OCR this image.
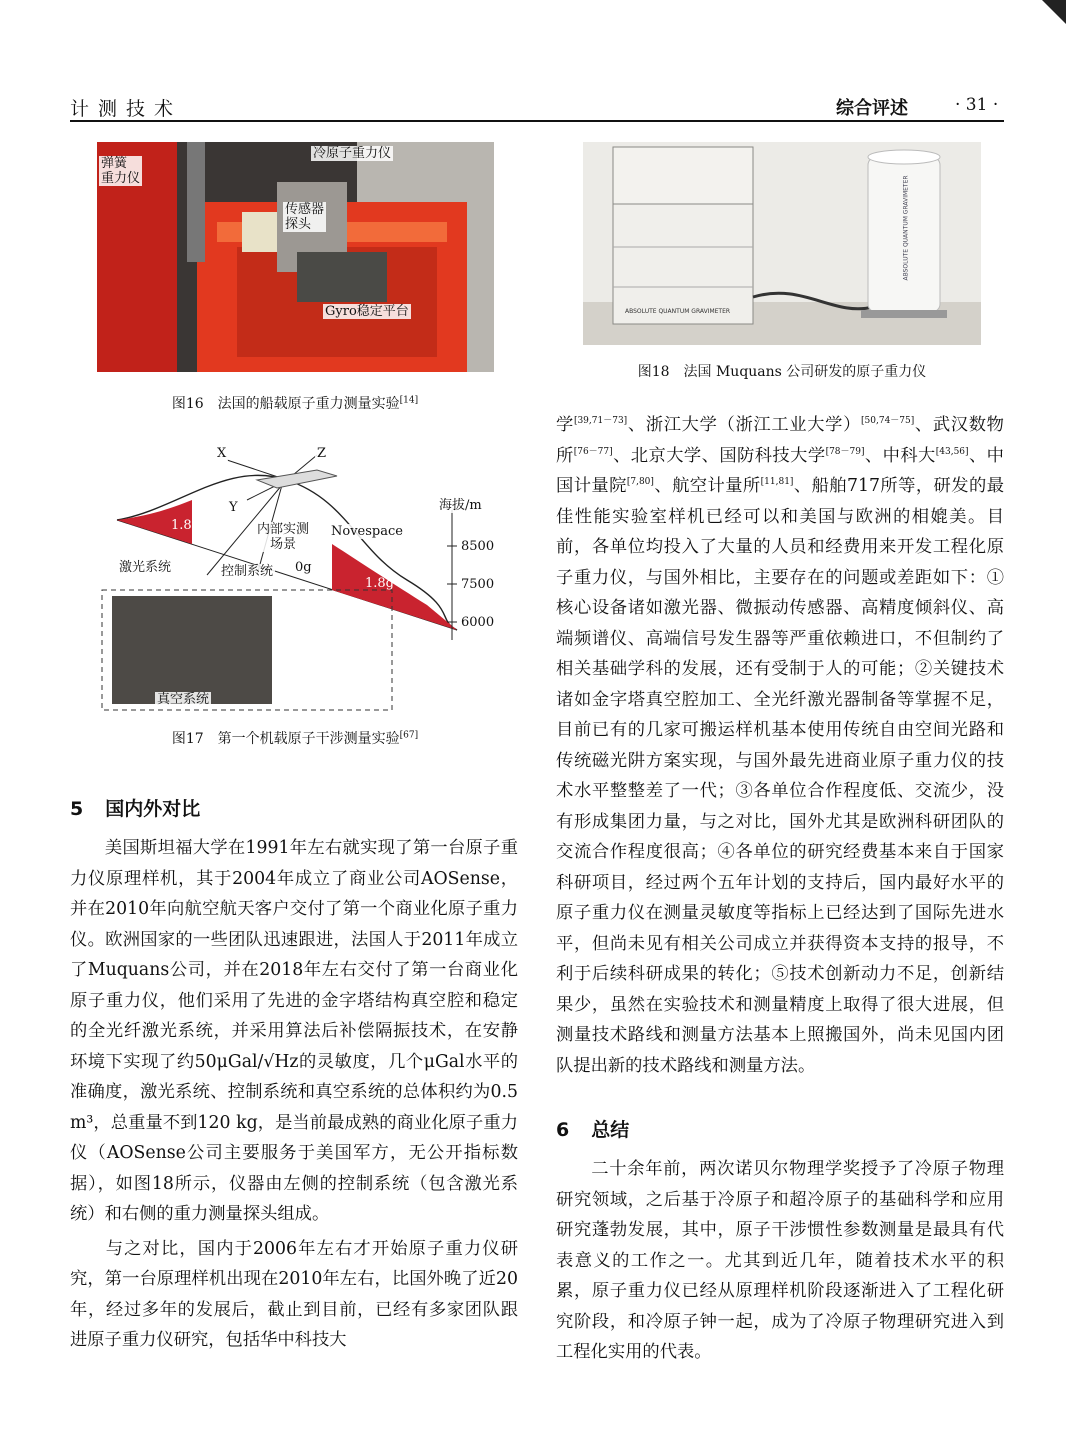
计测技术	综合评述	· 31 ·
弹簧
重力仪
冷原子重力仪
传感器
探头
Gyro稳定平台
图16　法国的船载原子重力测量实验[14]
X	Z
Y
内部实测
场景
Novespace
海拔/m
1.8g
0g
1.8g
8500
7500
6000
激光系统	控制系统
真空系统
图17　第一个机载原子干涉测量实验[67]
ABSOLUTE QUANTUM GRAVIMETER
ABSOLUTE QUANTUM GRAVIMETER
图18　法国 Muquans 公司研发的原子重力仪
5 国内外对比

美国斯坦福大学在1991年左右就实现了第一台原子重力仪原理样机，其于2004年成立了商业公司AOSense，并在2010年向航空航天客户交付了第一个商业化原子重力仪。欧洲国家的一些团队迅速跟进，法国人于2011年成立了Muquans公司，并在2018年左右交付了第一台商业化原子重力仪，他们采用了先进的金字塔结构真空腔和稳定的全光纤激光系统，并采用算法后补偿隔振技术，在安静环境下实现了约50μGal/√Hz的灵敏度，几个μGal水平的准确度，激光系统、控制系统和真空系统的总体积约为0.5 m³，总重量不到120 kg，是当前最成熟的商业化原子重力仪（AOSense公司主要服务于美国军方，无公开指标数据），如图18所示，仪器由左侧的控制系统（包含激光系统）和右侧的重力测量探头组成。

与之对比，国内于2006年左右才开始原子重力仪研究，第一台原理样机出现在2010年左右，比国外晚了近20年，经过多年的发展后，截止到目前，已经有多家团队跟进原子重力仪研究，包括华中科技大

学[39,71－73]、浙江大学（浙江工业大学）[50,74－75]、武汉数物所[76－77]、北京大学、国防科技大学[78－79]、中科大[43,56]、中国计量院[7,80]、航空计量所[11,81]、船舶717所等，研发的最佳性能实验室样机已经可以和美国与欧洲的相媲美。目前，各单位均投入了大量的人员和经费用来开发工程化原子重力仪，与国外相比，主要存在的问题或差距如下：①核心设备诸如激光器、微振动传感器、高精度倾斜仪、高端频谱仪、高端信号发生器等严重依赖进口，不但制约了相关基础学科的发展，还有受制于人的可能；②关键技术诸如金字塔真空腔加工、全光纤激光器制备等掌握不足，目前已有的几家可搬运样机基本使用传统自由空间光路和传统磁光阱方案实现，与国外最先进商业原子重力仪的技术水平整整差了一代；③各单位合作程度低、交流少，没有形成集团力量，与之对比，国外尤其是欧洲科研团队的交流合作程度很高；④各单位的研究经费基本来自于国家科研项目，经过两个五年计划的支持后，国内最好水平的原子重力仪在测量灵敏度等指标上已经达到了国际先进水平，但尚未见有相关公司成立并获得资本支持的报导，不利于后续科研成果的转化；⑤技术创新动力不足，创新结果少，虽然在实验技术和测量精度上取得了很大进展，但测量技术路线和测量方法基本上照搬国外，尚未见国内团队提出新的技术路线和测量方法。

6 总结

二十余年前，两次诺贝尔物理学奖授予了冷原子物理研究领域，之后基于冷原子和超冷原子的基础科学和应用研究蓬勃发展，其中，原子干涉惯性参数测量是最具有代表意义的工作之一。尤其到近几年，随着技术水平的积累，原子重力仪已经从原理样机阶段逐渐进入了工程化研究阶段，和冷原子钟一起，成为了冷原子物理研究进入到工程化实用的代表。
